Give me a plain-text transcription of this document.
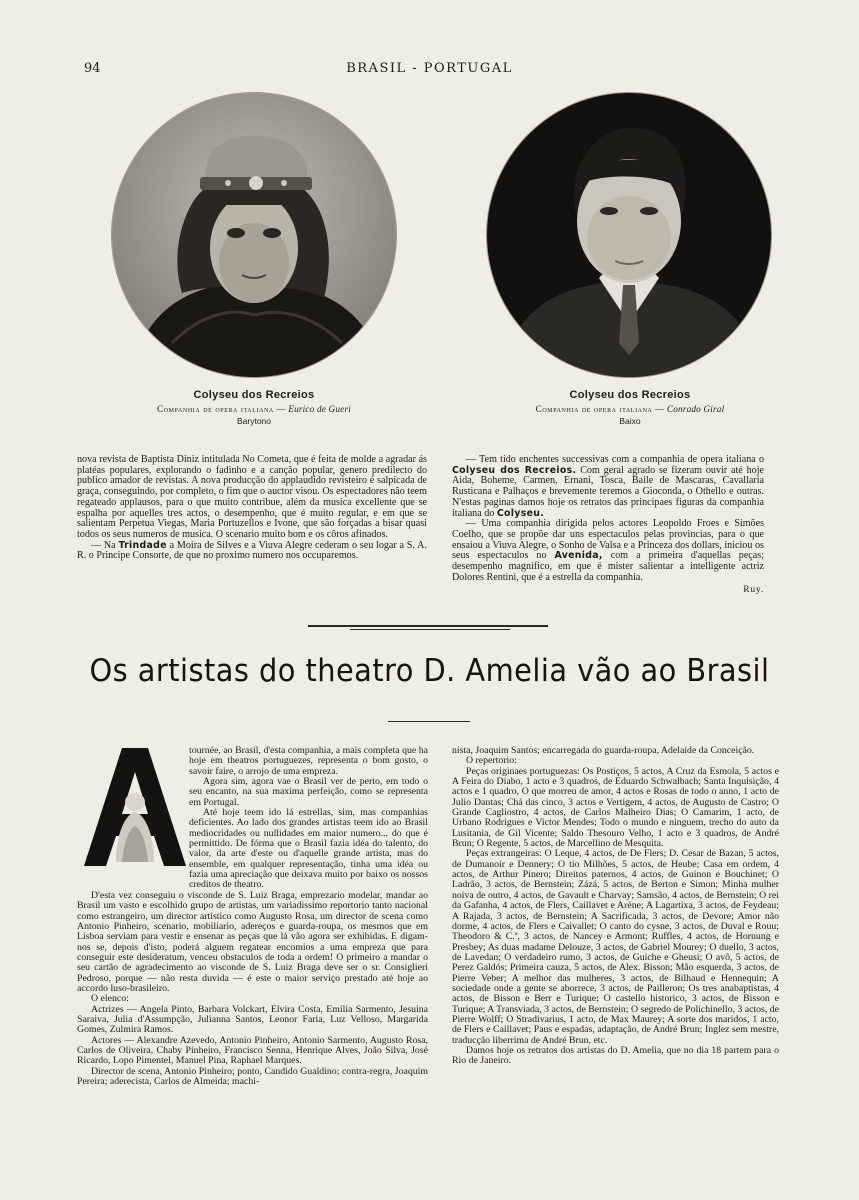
94	BRASIL - PORTUGAL
Colyseu dos Recreios
Companhia de opera italiana — Eurico de Gueri
Barytono
Colyseu dos Recreios
Companhia de opera italiana — Conrado Giral
Baixo

nova revista de Baptista Diniz intitulada No Cometa, que é feita de molde a agradar ás platéas populares, explorando o fadinho e a canção popular, genero predilecto do publico amador de revistas. A nova producção do applaudido revisteiro é salpicada de graça, conseguindo, por completo, o fim que o auctor visou. Os espectadores não teem regateado applausos, para o que muito contribue, além da musica excellente que se espalha por aquelles tres actos, o desempenho, que é muito regular, e em que se salientam Perpetua Viegas, Maria Portuzellos e Ivone, que são forçadas a bisar quasi todos os seus numeros de musica. O scenario muito bom e os côros afinados.

— Na Trindade a Moira de Silves e a Viuva Alegre cederam o seu logar a S. A. R. o Principe Consorte, de que no proximo numero nos occuparemos.

— Tem tido enchentes successivas com a companhia de opera italiana o Colyseu dos Recreios. Com geral agrado se fizeram ouvir até hoje Aida, Boheme, Carmen, Ernani, Tosca, Baile de Mascaras, Cavallaria Rusticana e Palhaços e brevemente teremos a Gioconda, o Othello e outras. N'estas paginas damos hoje os retratos das principaes figuras da companhia italiana do Colyseu.

— Uma companhia dirigida pelos actores Leopoldo Froes e Simões Coelho, que se propõe dar uns espectaculos pelas provincias, para o que ensaiou a Viuva Alegre, o Sonho de Valsa e a Princeza dos dollars, iniciou os seus espectaculos no Avenida, com a primeira d'aquellas peças; desempenho magnifico, em que é mister salientar a intelligente actriz Dolores Rentini, que é a estrella da companhia.

Ruy.
Os artistas do theatro D. Amelia vão ao Brasil

tournée, ao Brasil, d'esta companhia, a mais completa que ha hoje em theatros portuguezes, representa o bom gosto, o savoir faire, o arrojo de uma empreza.

Agora sim, agora vae o Brasil ver de perto, em todo o seu encanto, na sua maxima perfeição, como se representa em Portugal.

Até hoje teem ido lá estrellas, sim, mas companhias deficientes. Ao lado dos grandes artistas teem ido ao Brasil mediocridades ou nullidades em maior numero... do que é permittido. De fórma que o Brasil fazia idéa do talento, do valor, da arte d'este ou d'aquelle grande artista, mas do ensemble, em qualquer representação, tinha uma idéa ou fazia uma apreciação que deixava muito por baixo os nossos creditos de theatro.

D'esta vez conseguiu o visconde de S. Luiz Braga, emprezario modelar, mandar ao Brasil um vasto e escolhido grupo de artistas, um variadissimo reportorio tanto nacional como estrangeiro, um director artistico como Augusto Rosa, um director de scena como Antonio Pinheiro, scenario, mobiliario, adereços e guarda-roupa, os mesmos que em Lisboa serviam para vestir e ensenar as peças que lá vão agora ser exhibidas. E digam-nos se, depois d'isto, poderá alguem regatear encomios a uma empreza que para conseguir este desideratum, venceu obstaculos de toda a ordem! O primeiro a mandar o seu cartão de agradecimento ao visconde de S. Luiz Braga deve ser o sr. Consiglieri Pedroso, porque — não resta duvida — é este o maior serviço prestado até hoje ao accordo luso-brasileiro.

O elenco:

Actrizes — Angela Pinto, Barbara Volckart, Elvira Costa, Emilia Sarmento, Jesuina Saraiva, Julia d'Assumpção, Julianna Santos, Leonor Faria, Luz Velloso, Margarida Gomes, Zulmira Ramos.

Actores — Alexandre Azevedo, Antonio Pinheiro, Antonio Sarmento, Augusto Rosa, Carlos de Oliveira, Chaby Pinheiro, Francisco Senna, Henrique Alves, João Silva, José Ricardo, Lopo Pimentel, Manuel Pina, Raphael Marques.

Director de scena, Antonio Pinheiro; ponto, Candido Gualdino; contra-regra, Joaquim Pereira; aderecista, Carlos de Almeida; machi-

nista, Joaquim Santos; encarregada do guarda-roupa, Adelaide da Conceição.

O repertorio:

Peças originaes portuguezas: Os Postiços, 5 actos, A Cruz da Esmola, 5 actos e A Feira do Diabo, 1 acto e 3 quadros, de Eduardo Schwalbach; Santa Inquisição, 4 actos e 1 quadro, O que morreu de amor, 4 actos e Rosas de todo o anno, 1 acto de Julio Dantas; Chá das cinco, 3 actos e Vertigem, 4 actos, de Augusto de Castro; O Grande Cagliostro, 4 actos, de Carlos Malheiro Dias; O Camarim, 1 acto, de Urbano Rodrigues e Victor Mendes; Todo o mundo e ninguem, trecho do auto da Lusitania, de Gil Vicente; Saldo Thesouro Velho, 1 acto e 3 quadros, de André Brun; O Regente, 5 actos, de Marcellino de Mesquita.

Peças extrangeiras: O Leque, 4 actos, de De Flers; D. Cesar de Bazan, 5 actos, de Dumanoir e Dennery; O tio Milhões, 5 actos, de Heube; Casa em ordem, 4 actos, de Arthur Pinero; Direitos paternos, 4 actos, de Guinon e Bouchinet; O Ladrão, 3 actos, de Bernstein; Zázá, 5 actos, de Berton e Simon; Minha mulher noiva de outro, 4 actos, de Gavault e Charvay; Samsão, 4 actos, de Bernstein; O rei da Gafanha, 4 actos, de Flers, Caillavet e Arène; A Lagartixa, 3 actos, de Feydeau; A Rajada, 3 actos, de Bernstein; A Sacrificada, 3 actos, de Devore; Amor não dorme, 4 actos, de Flers e Caivallet; O canto do cysne, 3 actos, de Duval e Rouu; Theodoro & C.ª, 3 actos, de Nancey e Armont; Ruffles, 4 actos, de Hornung e Presbey; As duas madame Delouze, 3 actos, de Gabriel Mourey; O duello, 3 actos, de Lavedan; O verdadeiro rumo, 3 actos, de Guiche e Gheusi; O avô, 5 actos, de Perez Galdós; Primeira cauza, 5 actos, de Alex. Bisson; Mão esquerda, 3 actos, de Pierre Veber; A melhor das mulheres, 3 actos, de Bilhaud e Hennequin; A sociedade onde a gente se aborrece, 3 actos, de Pailleron; Os tres anabaptistas, 4 actos, de Bisson e Berr e Turique; O castello historico, 3 actos, de Bisson e Turique; A Transviada, 3 actos, de Bernstein; O segredo de Polichinello, 3 actos, de Pierre Wolff; O Stradivarius, 1 acto, de Max Maurey; A sorte dos maridos, 1 acto, de Flers e Caillavet; Paus e espadas, adaptação, de André Brun; Inglez sem mestre, traducção liberrima de André Brun, etc.

Damos hoje os retratos dos artistas do D. Amelia, que no dia 18 partem para o Rio de Janeiro.
